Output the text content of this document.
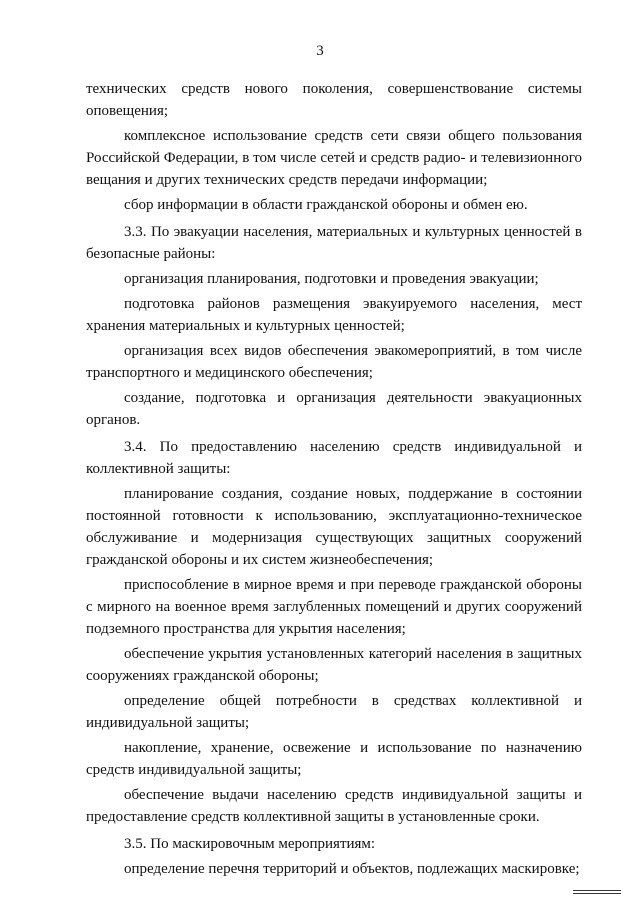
3

технических средств нового поколения, совершенствование системы оповещения;

комплексное использование средств сети связи общего пользования Российской Федерации, в том числе сетей и средств радио- и телевизионного вещания и других технических средств передачи информации;

сбор информации в области гражданской обороны и обмен ею.

3.3. По эвакуации населения, материальных и культурных ценностей в безопасные районы:

организация планирования, подготовки и проведения эвакуации;

подготовка районов размещения эвакуируемого населения, мест хранения материальных и культурных ценностей;

организация всех видов обеспечения эвакомероприятий, в том числе транспортного и медицинского обеспечения;

создание, подготовка и организация деятельности эвакуационных органов.

3.4. По предоставлению населению средств индивидуальной и коллективной защиты:

планирование создания, создание новых, поддержание в состоянии постоянной готовности к использованию, эксплуатационно-техническое обслуживание и модернизация существующих защитных сооружений гражданской обороны и их систем жизнеобеспечения;

приспособление в мирное время и при переводе гражданской обороны с мирного на военное время заглубленных помещений и других сооружений подземного пространства для укрытия населения;

обеспечение укрытия установленных категорий населения в защитных сооружениях гражданской обороны;

определение общей потребности в средствах коллективной и индивидуальной защиты;

накопление, хранение, освежение и использование по назначению средств индивидуальной защиты;

обеспечение выдачи населению средств индивидуальной защиты и предоставление средств коллективной защиты в установленные сроки.

3.5. По маскировочным мероприятиям:

определение перечня территорий и объектов, подлежащих маскировке;
